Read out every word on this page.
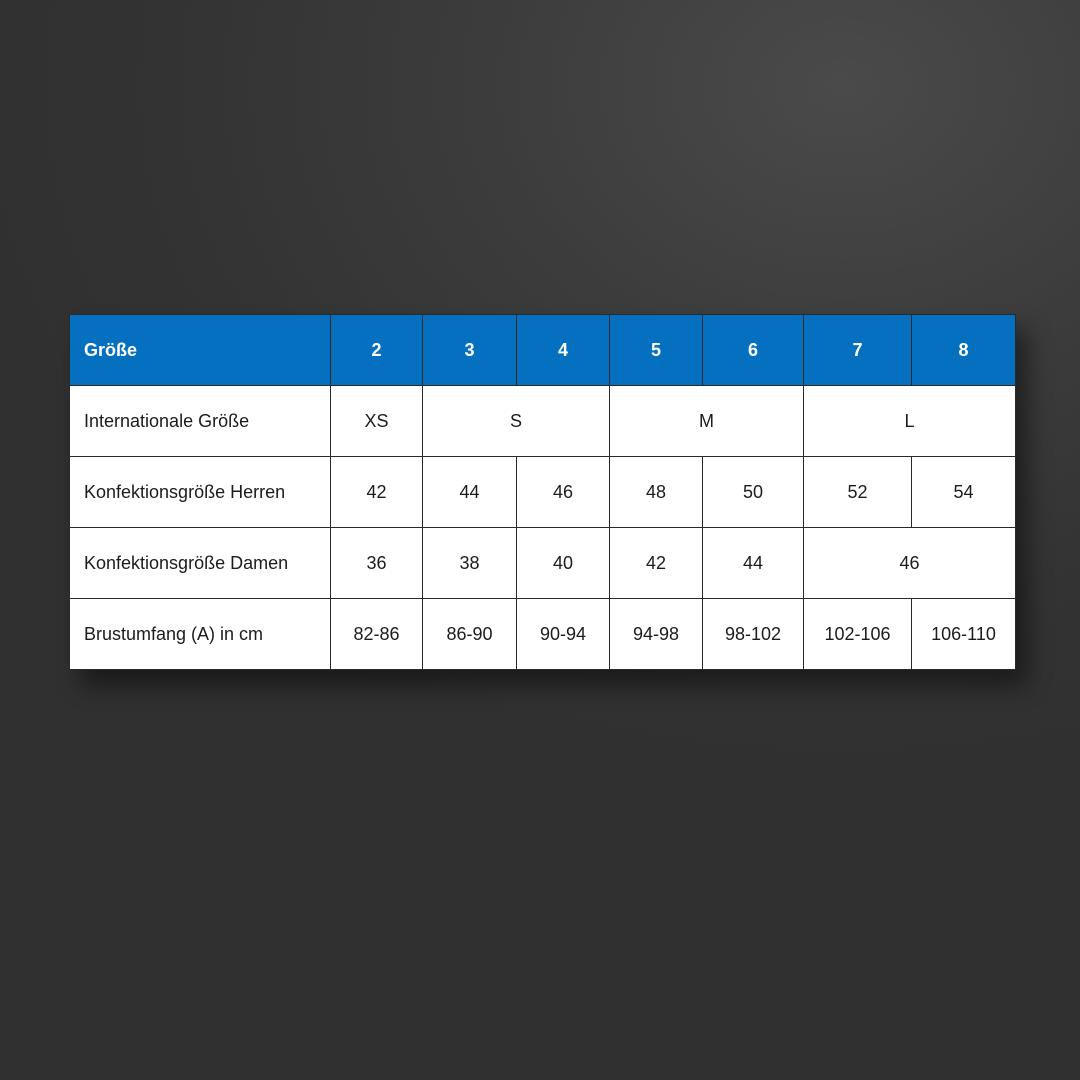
Größe	2	3	4	5	6	7	8
Internationale Größe	XS	S		M		L	
Konfektionsgröße Herren	42	44	46	48	50	52	54
Konfektionsgröße Damen	36	38	40	42	44	46	
Brustumfang (A) in cm	82-86	86-90	90-94	94-98	98-102	102-106	106-110
